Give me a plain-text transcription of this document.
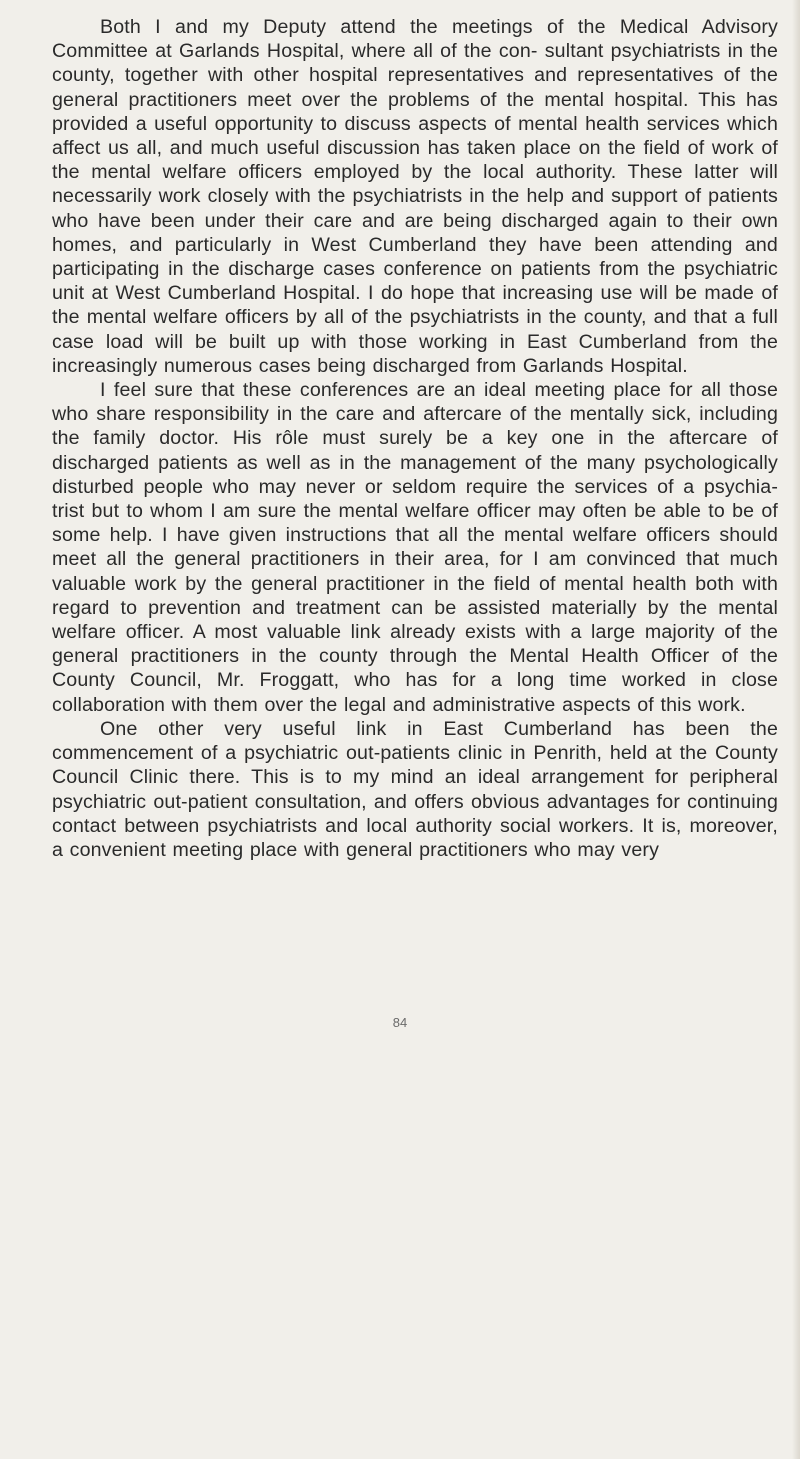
Both I and my Deputy attend the meetings of the Medical Advisory Committee at Garlands Hospital, where all of the con- sultant psychiatrists in the county, together with other hospital representatives and representatives of the general practitioners meet over the problems of the mental hospital. This has provided a useful opportunity to discuss aspects of mental health services which affect us all, and much useful discussion has taken place on the field of work of the mental welfare officers employed by the local authority. These latter will necessarily work closely with the psychiatrists in the help and support of patients who have been under their care and are being discharged again to their own homes, and particularly in West Cumberland they have been attending and participating in the discharge cases conference on patients from the psychiatric unit at West Cumberland Hospital. I do hope that increasing use will be made of the mental welfare officers by all of the psychiatrists in the county, and that a full case load will be built up with those working in East Cumberland from the increasingly numerous cases being discharged from Garlands Hospital.

I feel sure that these conferences are an ideal meeting place for all those who share responsibility in the care and aftercare of the mentally sick, including the family doctor. His rôle must surely be a key one in the aftercare of discharged patients as well as in the management of the many psychologically disturbed people who may never or seldom require the services of a psychia- trist but to whom I am sure the mental welfare officer may often be able to be of some help. I have given instructions that all the mental welfare officers should meet all the general practitioners in their area, for I am convinced that much valuable work by the general practitioner in the field of mental health both with regard to prevention and treatment can be assisted materially by the mental welfare officer. A most valuable link already exists with a large majority of the general practitioners in the county through the Mental Health Officer of the County Council, Mr. Froggatt, who has for a long time worked in close collaboration with them over the legal and administrative aspects of this work.

One other very useful link in East Cumberland has been the commencement of a psychiatric out-patients clinic in Penrith, held at the County Council Clinic there. This is to my mind an ideal arrangement for peripheral psychiatric out-patient consultation, and offers obvious advantages for continuing contact between psychiatrists and local authority social workers. It is, moreover, a convenient meeting place with general practitioners who may very

84
